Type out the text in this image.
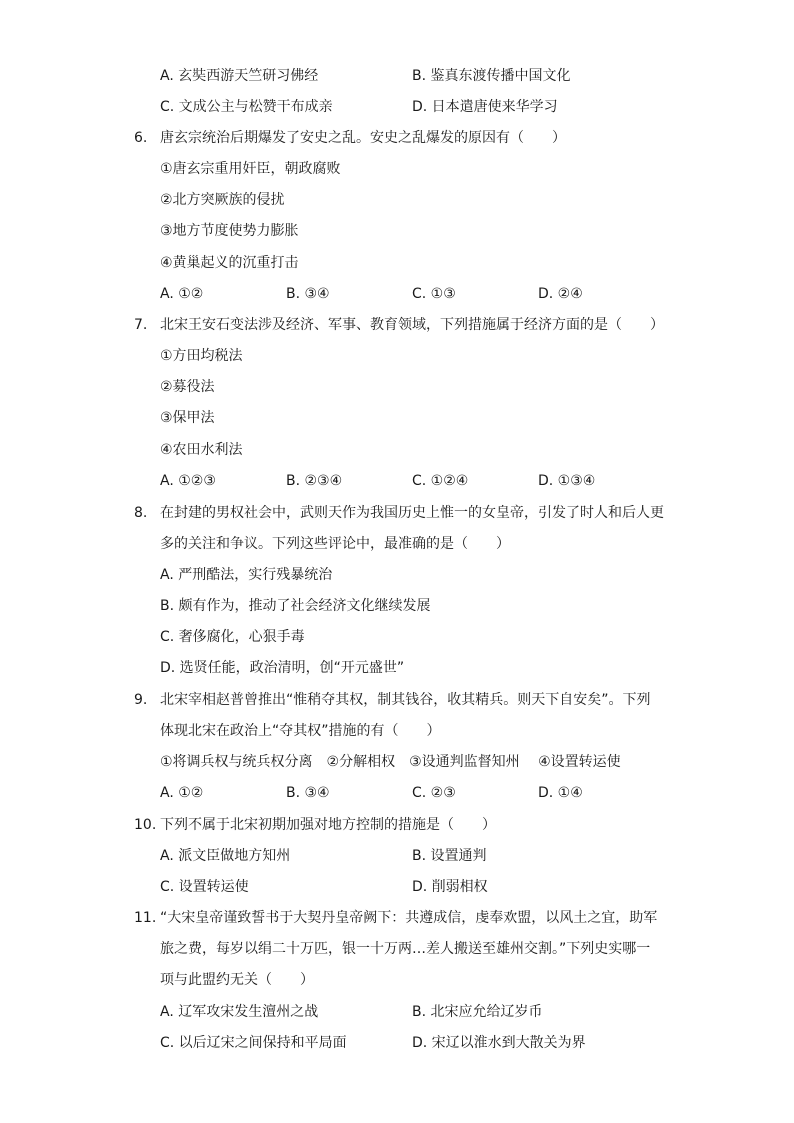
A. 玄奘西游天竺研习佛经	B. 鉴真东渡传播中国文化
C. 文成公主与松赞干布成亲	D. 日本遣唐使来华学习
6. 唐玄宗统治后期爆发了安史之乱。安史之乱爆发的原因有（　　）
①唐玄宗重用奸臣，朝政腐败
②北方突厥族的侵扰
③地方节度使势力膨胀
④黄巢起义的沉重打击
A. ①②	B. ③④	C. ①③	D. ②④
7. 北宋王安石变法涉及经济、军事、教育领域，下列措施属于经济方面的是（　　）
①方田均税法
②募役法
③保甲法
④农田水利法
A. ①②③	B. ②③④	C. ①②④	D. ①③④
8. 在封建的男权社会中，武则天作为我国历史上惟一的女皇帝，引发了时人和后人更
多的关注和争议。下列这些评论中，最准确的是（　　）
A. 严刑酷法，实行残暴统治
B. 颇有作为，推动了社会经济文化继续发展
C. 奢侈腐化，心狠手毒
D. 选贤任能，政治清明，创“开元盛世”
9. 北宋宰相赵普曾推出“惟稍夺其权，制其钱谷，收其精兵。则天下自安矣”。下列
体现北宋在政治上“夺其权”措施的有（　　）
①将调兵权与统兵权分离　②分解相权　③设通判监督知州　 ④设置转运使
A. ①②	B. ③④	C. ②③	D. ①④
10. 下列不属于北宋初期加强对地方控制的措施是（　　）
A. 派文臣做地方知州	B. 设置通判
C. 设置转运使	D. 削弱相权
11. “大宋皇帝谨致誓书于大契丹皇帝阙下：共遵成信，虔奉欢盟，以风土之宜，助军
旅之费，每岁以绢二十万匹，银一十万两…差人搬送至雄州交割。”下列史实哪一
项与此盟约无关（　　）
A. 辽军攻宋发生澶州之战	B. 北宋应允给辽岁币
C. 以后辽宋之间保持和平局面	D. 宋辽以淮水到大散关为界
